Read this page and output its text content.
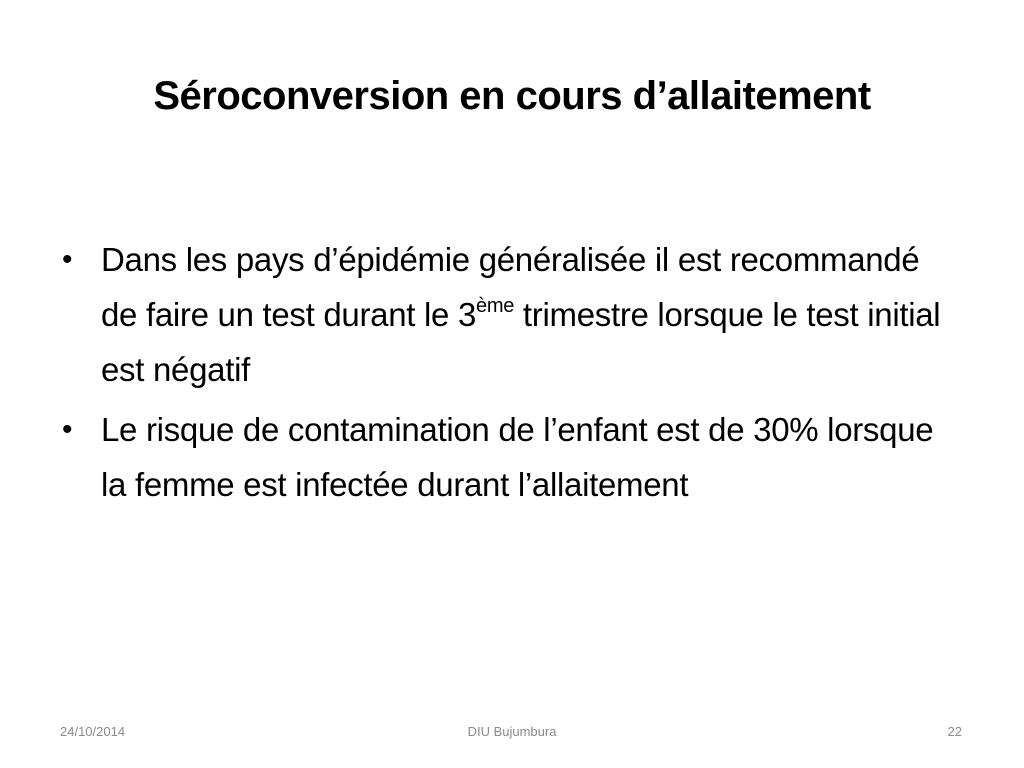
Séroconversion en cours d’allaitement
• Dans les pays d’épidémie généralisée il est recommandé de faire un test durant le 3ème trimestre lorsque le test initial est négatif
• Le risque de contamination de l’enfant est de 30% lorsque la femme est infectée durant l’allaitement
24/10/2014	DIU Bujumbura	22
